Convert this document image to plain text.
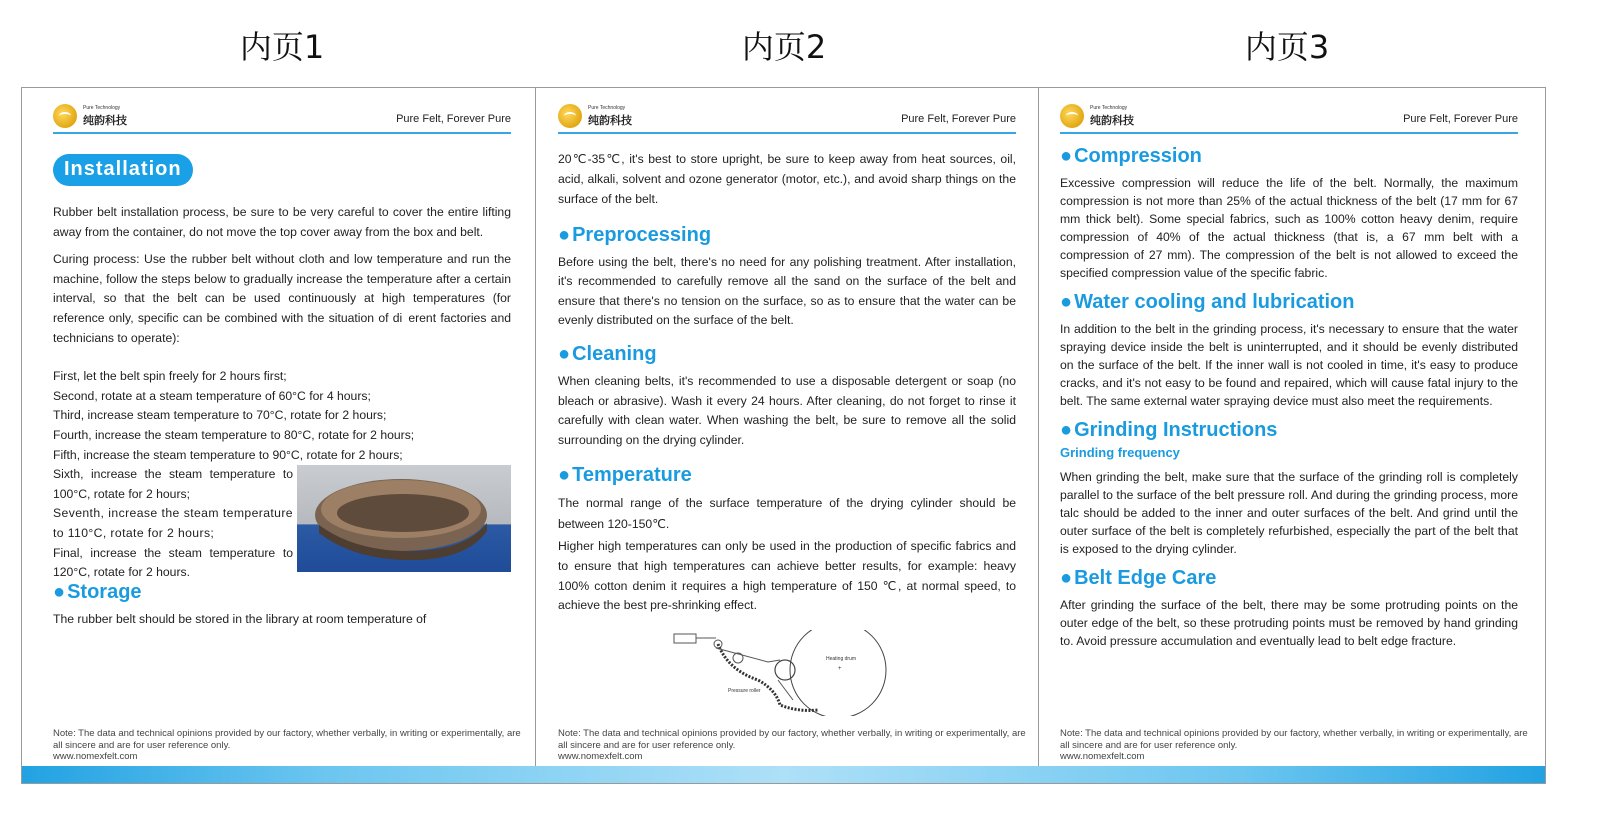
内页1	内页2	内页3
Pure Technology
纯韵科技	Pure Felt, Forever Pure
Installation

Rubber belt installation process, be sure to be very careful to cover the entire lifting away from the container, do not move the top cover away from the box and belt.

Curing process: Use the rubber belt without cloth and low temperature and run the machine, follow the steps below to gradually increase the temperature after a certain interval, so that the belt can be used continuously at high temperatures (for reference only, specific can be combined with the situation of di erent factories and technicians to operate):

First, let the belt spin freely for 2 hours first;
Second, rotate at a steam temperature of 60°C for 4 hours;
Third, increase steam temperature to 70°C, rotate for 2 hours;
Fourth, increase the steam temperature to 80°C, rotate for 2 hours;
Fifth, increase the steam temperature to 90°C, rotate for 2 hours;
Sixth, increase the steam temperature to 100°C, rotate for 2 hours;
Seventh, increase the steam temperature to 110°C, rotate for 2 hours;
Final, increase the steam temperature to 120°C, rotate for 2 hours.
● Storage

The rubber belt should be stored in the library at room temperature of

Note: The data and technical opinions provided by our factory, whether verbally, in writing or experimentally, are all sincere and are for user reference only.
www.nomexfelt.com
Pure Technology
纯韵科技	Pure Felt, Forever Pure

20℃-35℃, it's best to store upright, be sure to keep away from heat sources, oil, acid, alkali, solvent and ozone generator (motor, etc.), and avoid sharp things on the surface of the belt.

● Preprocessing

Before using the belt, there's no need for any polishing treatment. After installation, it's recommended to carefully remove all the sand on the surface of the belt and ensure that there's no tension on the surface, so as to ensure that the water can be evenly distributed on the surface of the belt.

● Cleaning

When cleaning belts, it's recommended to use a disposable detergent or soap (no bleach or abrasive). Wash it every 24 hours. After cleaning, do not forget to rinse it carefully with clean water. When washing the belt, be sure to remove all the solid surrounding on the drying cylinder.

● Temperature

The normal range of the surface temperature of the drying cylinder should be between 120-150℃.

Higher high temperatures can only be used in the production of specific fabrics and to ensure that high temperatures can achieve better results, for example: heavy 100% cotton denim it requires a high temperature of 150 ℃, at normal speed, to achieve the best pre-shrinking effect.

Heating drum
+
Pressure roller
Note: The data and technical opinions provided by our factory, whether verbally, in writing or experimentally, are all sincere and are for user reference only.
www.nomexfelt.com
Pure Technology
纯韵科技	Pure Felt, Forever Pure
● Compression

Excessive compression will reduce the life of the belt. Normally, the maximum compression is not more than 25% of the actual thickness of the belt (17 mm for 67 mm thick belt). Some special fabrics, such as 100% cotton heavy denim, require compression of 40% of the actual thickness (that is, a 67 mm belt with a compression of 27 mm). The compression of the belt is not allowed to exceed the specified compression value of the specific fabric.

● Water cooling and lubrication

In addition to the belt in the grinding process, it's necessary to ensure that the water spraying device inside the belt is uninterrupted, and it should be evenly distributed on the surface of the belt. If the inner wall is not cooled in time, it's easy to produce cracks, and it's not easy to be found and repaired, which will cause fatal injury to the belt. The same external water spraying device must also meet the requirements.

● Grinding Instructions
Grinding frequency

When grinding the belt, make sure that the surface of the grinding roll is completely parallel to the surface of the belt pressure roll. And during the grinding process, more talc should be added to the inner and outer surfaces of the belt. And grind until the outer surface of the belt is completely refurbished, especially the part of the belt that is exposed to the drying cylinder.

● Belt Edge Care

After grinding the surface of the belt, there may be some protruding points on the outer edge of the belt, so these protruding points must be removed by hand grinding to. Avoid pressure accumulation and eventually lead to belt edge fracture.

Note: The data and technical opinions provided by our factory, whether verbally, in writing or experimentally, are all sincere and are for user reference only.
www.nomexfelt.com
